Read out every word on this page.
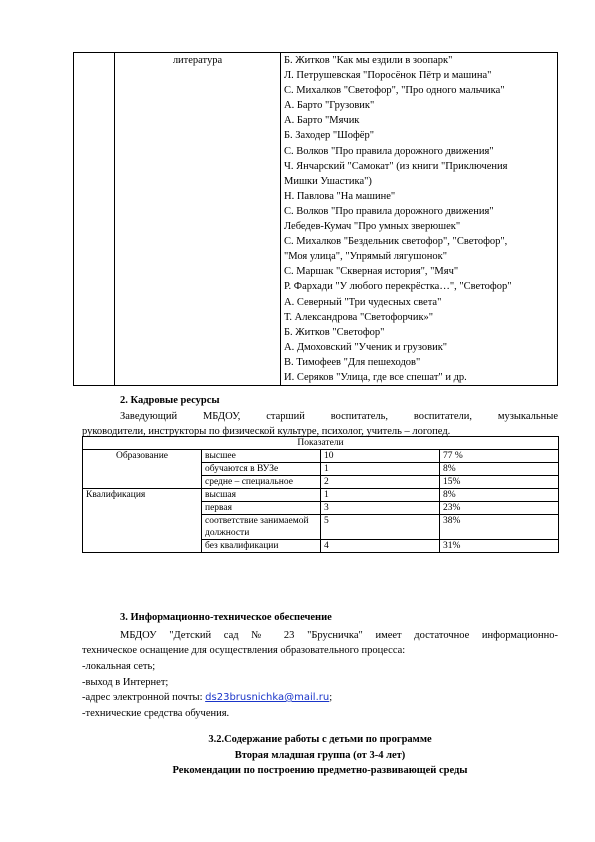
	литература	Б. Житков "Как мы ездили в зоопарк"
Л. Петрушевская "Поросёнок Пётр и машина"
С. Михалков "Светофор", "Про одного мальчика"
А. Барто "Грузовик"
А. Барто "Мячик
Б. Заходер "Шофёр"
С. Волков "Про правила дорожного движения"
Ч. Янчарский "Самокат" (из книги "Приключения
Мишки Ушастика")
Н. Павлова "На машине"
С. Волков "Про правила дорожного движения"
Лебедев-Кумач "Про умных зверюшек"
С. Михалков "Бездельник светофор", "Светофор",
"Моя улица", "Упрямый лягушонок"
С. Маршак "Скверная история", "Мяч"
Р. Фархади "У любого перекрёстка…", "Светофор"
А. Северный "Три чудесных света"
Т. Александрова "Светофорчик»"
Б. Житков "Светофор"
А. Дмоховский "Ученик и грузовик"
В. Тимофеев "Для пешеходов"
И. Серяков "Улица, где все спешат" и др.
2. Кадровые ресурсы
Заведующий МБДОУ, старший воспитатель, воспитатели, музыкальные
руководители, инструкторы по физической культуре, психолог, учитель – логопед.
Показатели			
Образование	высшее	10	77 %
	обучаются в ВУЗе	1	8%
	средне – специальное	2	15%
Квалификация	высшая	1	8%
	первая	3	23%
	соответствие занимаемой должности	5	38%
	без квалификации	4	31%
3. Информационно-техническое обеспечение
МБДОУ "Детский сад № 23 "Брусничка" имеет достаточное информационно-
техническое оснащение для осуществления образовательного процесса:
-локальная сеть;
-выход в Интернет;
-адрес электронной почты: ds23brusnichka@mail.ru;
-технические средства обучения.
3.2.Содержание работы с детьми по программе
Вторая младшая группа (от 3-4 лет)
Рекомендации по построению предметно-развивающей среды
